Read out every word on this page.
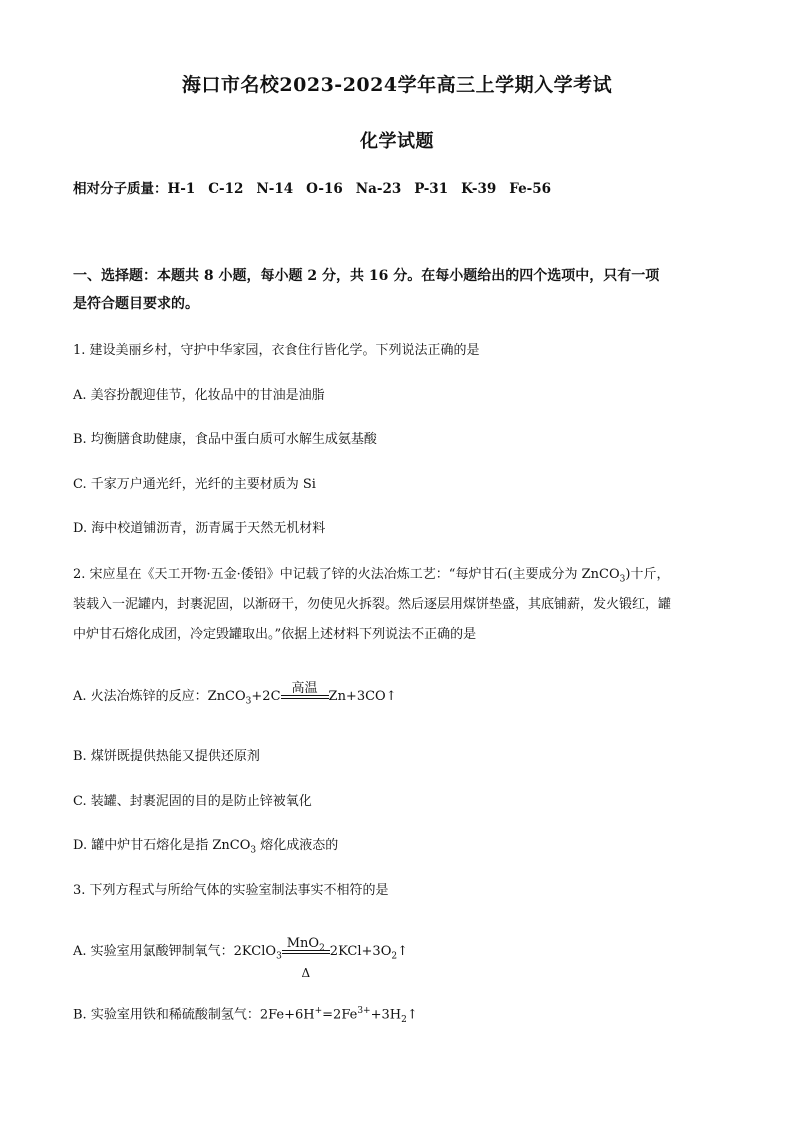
海口市名校2023-2024学年高三上学期入学考试
化学试题
相对分子质量：H-1 C-12 N-14 O-16 Na-23 P-31 K-39 Fe-56
一、选择题：本题共 8 小题，每小题 2 分，共 16 分。在每小题给出的四个选项中，只有一项
是符合题目要求的。
1. 建设美丽乡村，守护中华家园，衣食住行皆化学。下列说法正确的是
A. 美容扮靓迎佳节，化妆品中的甘油是油脂
B. 均衡膳食助健康，食品中蛋白质可水解生成氨基酸
C. 千家万户通光纤，光纤的主要材质为 Si
D. 海中校道铺沥青，沥青属于天然无机材料
2. 宋应星在《天工开物·五金·倭铅》中记载了锌的火法冶炼工艺：“每炉甘石(主要成分为 ZnCO$_3$)十斤，
装载入一泥罐内，封裹泥固，以渐砑干，勿使见火拆裂。然后逐层用煤饼垫盛，其底铺薪，发火锻红，罐
中炉甘石熔化成团，冷定毁罐取出。”依据上述材料下列说法不正确的是
A. 火法冶炼锌的反应：ZnCO$_3$+2C
高温
Zn+3CO↑
B. 煤饼既提供热能又提供还原剂
C. 装罐、封裹泥固的目的是防止锌被氧化
D. 罐中炉甘石熔化是指 ZnCO$_3$ 熔化成液态的
3. 下列方程式与所给气体的实验室制法事实不相符的是
A. 实验室用氯酸钾制氧气：2KClO$_3$
MnO$_2$
Δ
$2KCl+3O_2↑$
B. 实验室用铁和稀硫酸制氢气：$2Fe+6H^+=2Fe^{3+}+3H_2↑$
